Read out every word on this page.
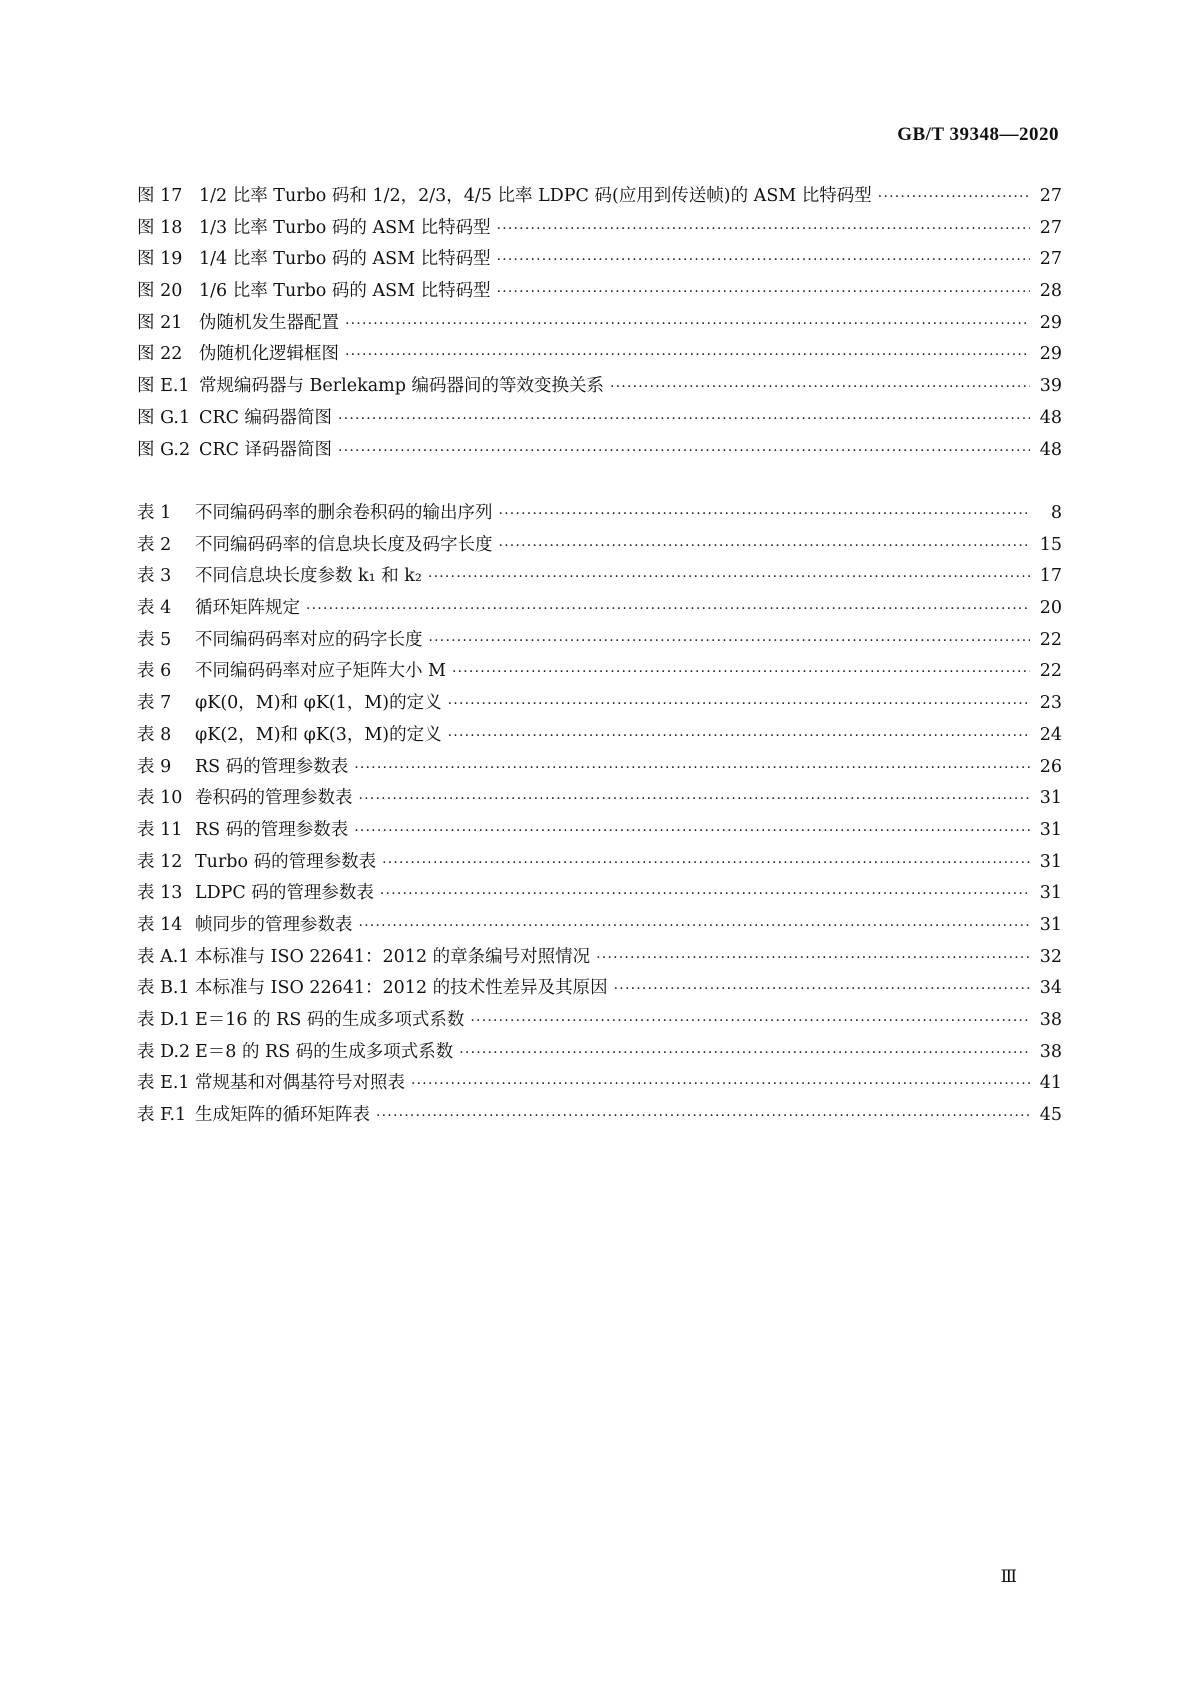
GB/T 39348—2020
图 17 1/2 比率 Turbo 码和 1/2，2/3，4/5 比率 LDPC 码(应用到传送帧)的 ASM 比特码型 ·····	27
图 18 1/3 比率 Turbo 码的 ASM 比特码型 ·····	27
图 19 1/4 比率 Turbo 码的 ASM 比特码型 ·····	27
图 20 1/6 比率 Turbo 码的 ASM 比特码型 ·····	28
图 21 伪随机发生器配置 ·····	29
图 22 伪随机化逻辑框图 ·····	29
图 E.1 常规编码器与 Berlekamp 编码器间的等效变换关系 ·····	39
图 G.1 CRC 编码器简图 ·····	48
图 G.2 CRC 译码器简图 ·····	48
表 1	不同编码码率的删余卷积码的输出序列 ·····	8
表 2	不同编码码率的信息块长度及码字长度 ·····	15
表 3	不同信息块长度参数 k₁ 和 k₂ ·····	17
表 4	循环矩阵规定 ·····	20
表 5	不同编码码率对应的码字长度 ·····	22
表 6	不同编码码率对应子矩阵大小 M ·····	22
表 7	φK(0，M)和 φK(1，M)的定义 ·····	23
表 8	φK(2，M)和 φK(3，M)的定义 ·····	24
表 9	RS 码的管理参数表 ·····	26
表 10 卷积码的管理参数表 ·····	31
表 11 RS 码的管理参数表 ·····	31
表 12 Turbo 码的管理参数表 ·····	31
表 13 LDPC 码的管理参数表 ·····	31
表 14 帧同步的管理参数表 ·····	31
表 A.1 本标准与 ISO 22641：2012 的章条编号对照情况 ·····	32
表 B.1 本标准与 ISO 22641：2012 的技术性差异及其原因 ·····	34
表 D.1 E＝16 的 RS 码的生成多项式系数 ·····	38
表 D.2 E＝8 的 RS 码的生成多项式系数 ·····	38
表 E.1 常规基和对偶基符号对照表 ·····	41
表 F.1 生成矩阵的循环矩阵表 ·····	45
Ⅲ
